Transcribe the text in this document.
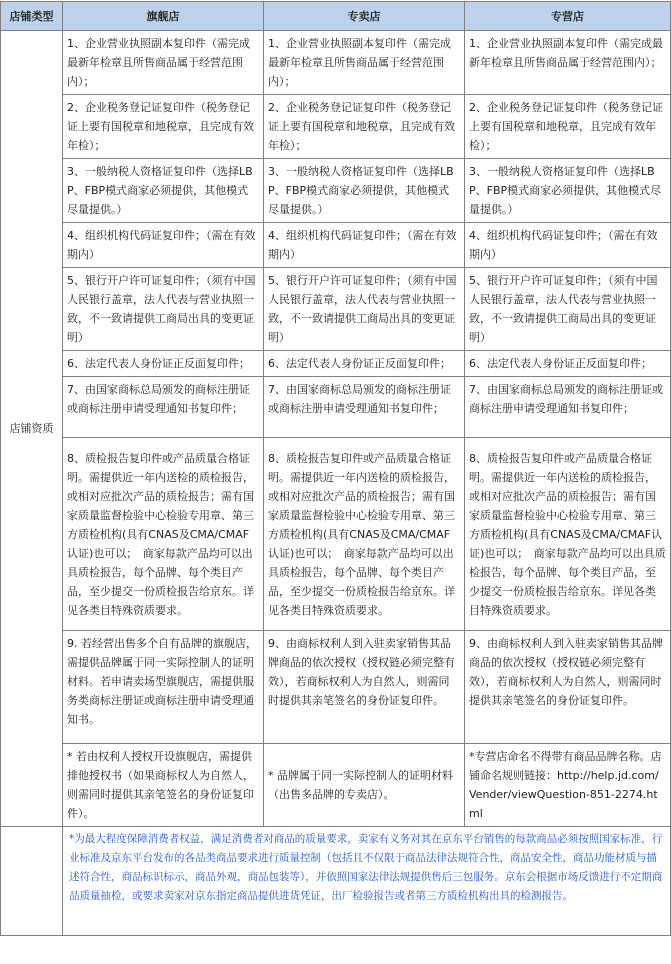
店铺类型	旗舰店	专卖店	专营店
店铺资质	1、企业营业执照副本复印件（需完成最新年检章且所售商品属于经营范围内）；	1、企业营业执照副本复印件（需完成最新年检章且所售商品属于经营范围内）；	1、企业营业执照副本复印件（需完成最新年检章且所售商品属于经营范围内）；
	2、企业税务登记证复印件（税务登记证上要有国税章和地税章，且完成有效年检）；	2、企业税务登记证复印件（税务登记证上要有国税章和地税章，且完成有效年检）；	2、企业税务登记证复印件（税务登记证上要有国税章和地税章，且完成有效年检）；
	3、一般纳税人资格证复印件（选择LBP、FBP模式商家必须提供，其他模式尽量提供。）	3、一般纳税人资格证复印件（选择LBP、FBP模式商家必须提供，其他模式尽量提供。）	3、一般纳税人资格证复印件（选择LBP、FBP模式商家必须提供，其他模式尽量提供。）
	4、组织机构代码证复印件；（需在有效期内）	4、组织机构代码证复印件；（需在有效期内）	4、组织机构代码证复印件；（需在有效期内）
	5、银行开户许可证复印件；（须有中国人民银行盖章，法人代表与营业执照一致，不一致请提供工商局出具的变更证明）	5、银行开户许可证复印件；（须有中国人民银行盖章，法人代表与营业执照一致，不一致请提供工商局出具的变更证明）	5、银行开户许可证复印件；（须有中国人民银行盖章，法人代表与营业执照一致，不一致请提供工商局出具的变更证明）
	6、法定代表人身份证正反面复印件；	6、法定代表人身份证正反面复印件；	6、法定代表人身份证正反面复印件；
	7、由国家商标总局颁发的商标注册证或商标注册申请受理通知书复印件；	7、由国家商标总局颁发的商标注册证或商标注册申请受理通知书复印件；	7、由国家商标总局颁发的商标注册证或商标注册申请受理通知书复印件；
	8、质检报告复印件或产品质量合格证明。需提供近一年内送检的质检报告，或相对应批次产品的质检报告；需有国家质量监督检验中心检验专用章、第三方质检机构(具有CNAS及CMA/CMAF认证)也可以；　商家每款产品均可以出具质检报告，每个品牌、每个类目产品，至少提交一份质检报告给京东。详见各类目特殊资质要求。	8、质检报告复印件或产品质量合格证明。需提供近一年内送检的质检报告，或相对应批次产品的质检报告；需有国家质量监督检验中心检验专用章、第三方质检机构(具有CNAS及CMA/CMAF认证)也可以；　商家每款产品均可以出具质检报告，每个品牌、每个类目产品，至少提交一份质检报告给京东。详见各类目特殊资质要求。	8、质检报告复印件或产品质量合格证明。需提供近一年内送检的质检报告，或相对应批次产品的质检报告；需有国家质量监督检验中心检验专用章、第三方质检机构(具有CNAS及CMA/CMAF认证)也可以；　商家每款产品均可以出具质检报告，每个品牌、每个类目产品，至少提交一份质检报告给京东。详见各类目特殊资质要求。
	9. 若经营出售多个自有品牌的旗舰店，需提供品牌属于同一实际控制人的证明材料。若申请卖场型旗舰店，需提供服务类商标注册证或商标注册申请受理通知书。	9、由商标权利人到入驻卖家销售其品牌商品的依次授权（授权链必须完整有效），若商标权利人为自然人，则需同时提供其亲笔签名的身份证复印件。	9、由商标权利人到入驻卖家销售其品牌商品的依次授权（授权链必须完整有效），若商标权利人为自然人，则需同时提供其亲笔签名的身份证复印件。
	* 若由权利人授权开设旗舰店，需提供排他授权书（如果商标权人为自然人，则需同时提供其亲笔签名的身份证复印件）。	* 品牌属于同一实际控制人的证明材料（出售多品牌的专卖店）。	*专营店命名不得带有商品品牌名称。店铺命名规则链接：http://help.jd.com/Vender/viewQuestion-851-2274.html
	*为最大程度保障消费者权益，满足消费者对商品的质量要求，卖家有义务对其在京东平台销售的每款商品必须按照国家标准，行业标准及京东平台发布的各品类商品要求进行质量控制（包括且不仅限于商品法律法规符合性，商品安全性，商品功能材质与描述符合性，商品标识标示，商品外观，商品包装等），并依照国家法律法规提供售后三包服务。京东会根据市场反馈进行不定期商品质量抽检，或要求卖家对京东指定商品提供进货凭证，出厂检验报告或者第三方质检机构出具的检测报告。		
